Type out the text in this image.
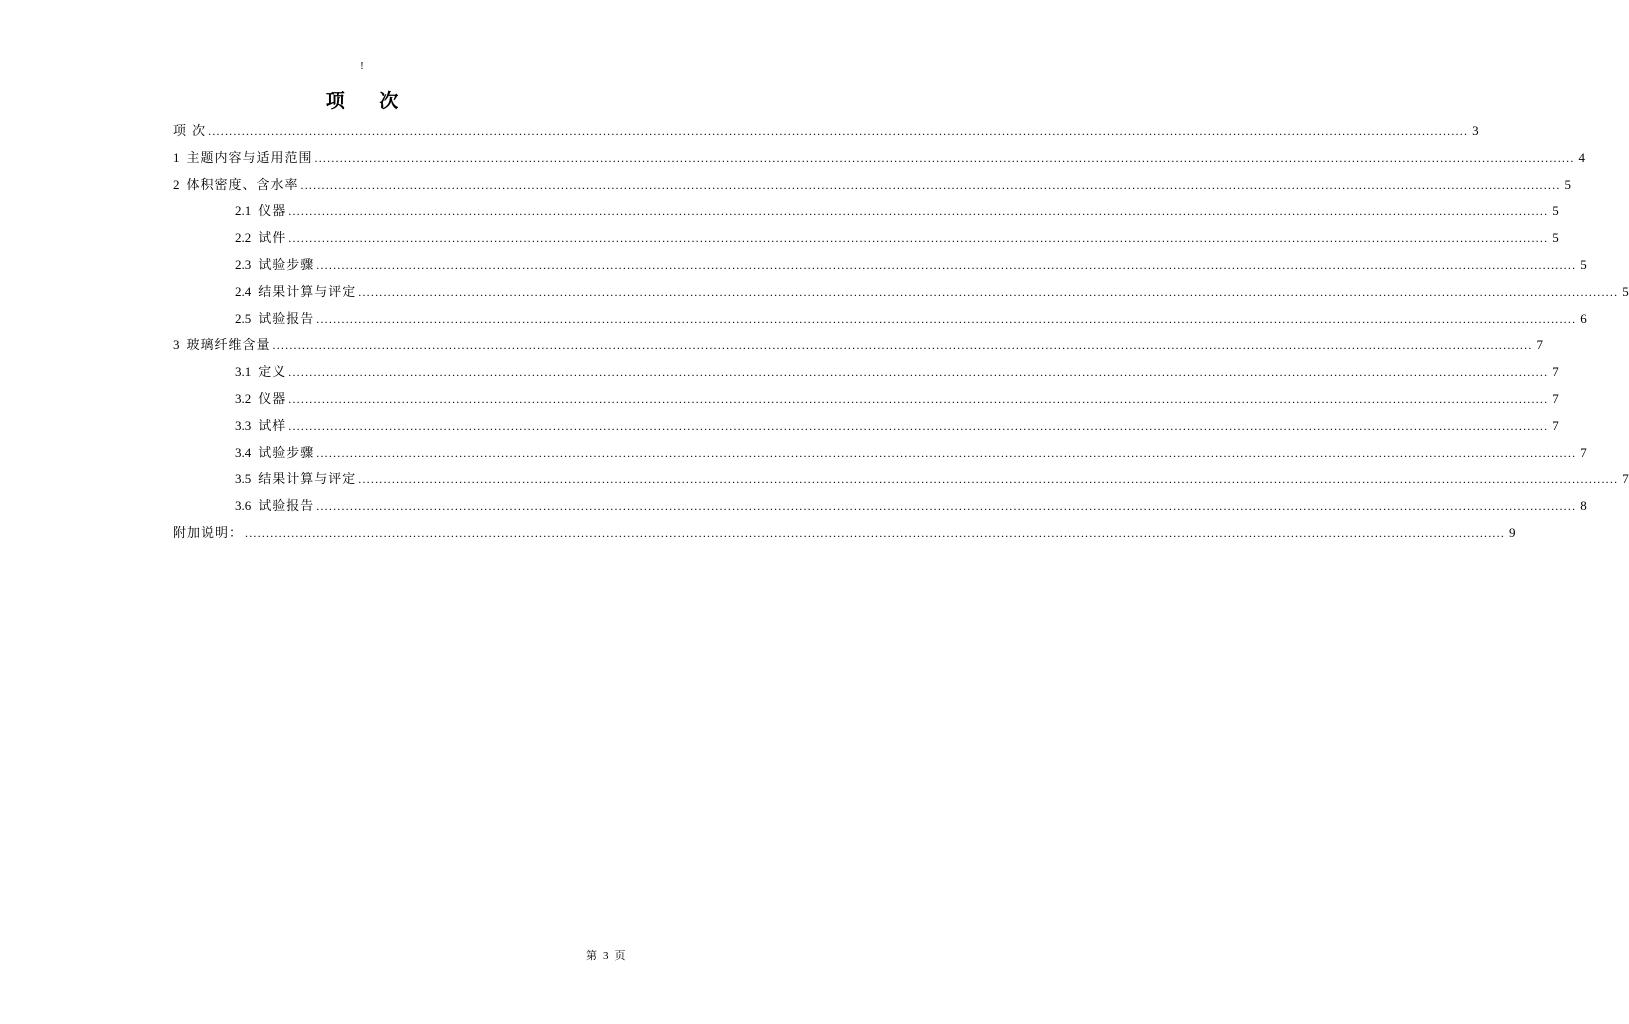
!
项 次
项 次 ............................................................................................................................................................................................................................................................................................................ 3
1 主题内容与适用范围 ............................................................................................................................................................................................................................................................................................................ 4
2 体积密度、含水率 ............................................................................................................................................................................................................................................................................................................ 5
2.1 仪器 ............................................................................................................................................................................................................................................................................................................ 5
2.2 试件 ............................................................................................................................................................................................................................................................................................................ 5
2.3 试验步骤 ............................................................................................................................................................................................................................................................................................................ 5
2.4 结果计算与评定 ............................................................................................................................................................................................................................................................................................................ 5
2.5 试验报告 ............................................................................................................................................................................................................................................................................................................ 6
3 玻璃纤维含量 ............................................................................................................................................................................................................................................................................................................ 7
3.1 定义 ............................................................................................................................................................................................................................................................................................................ 7
3.2 仪器 ............................................................................................................................................................................................................................................................................................................ 7
3.3 试样 ............................................................................................................................................................................................................................................................................................................ 7
3.4 试验步骤 ............................................................................................................................................................................................................................................................................................................ 7
3.5 结果计算与评定 ............................................................................................................................................................................................................................................................................................................ 7
3.6 试验报告 ............................................................................................................................................................................................................................................................................................................ 8
附加说明： ............................................................................................................................................................................................................................................................................................................ 9
第 3 页
